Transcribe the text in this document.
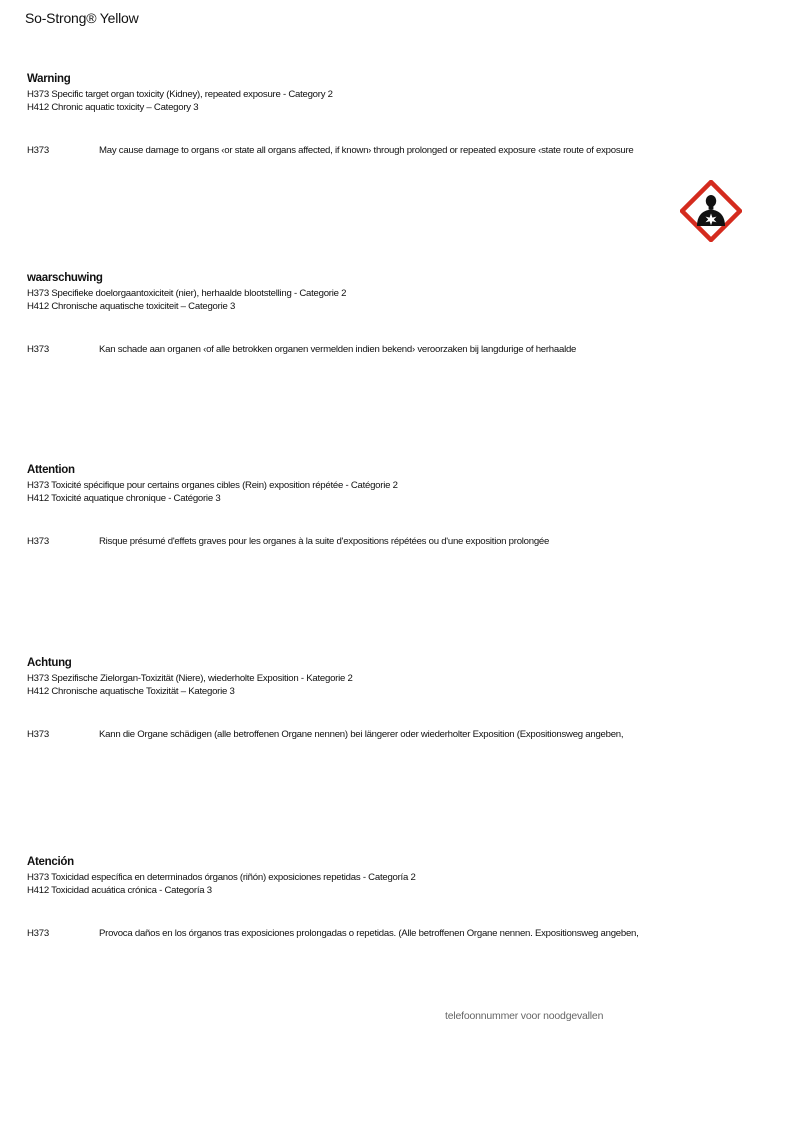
So-Strong® Yellow
Warning
H373 Specific target organ toxicity (Kidney), repeated exposure - Category 2
H412 Chronic aquatic toxicity – Category 3
H373	May cause damage to organs ‹or state all organs affected, if known› through prolonged or repeated exposure ‹state route of exposure
waarschuwing
H373 Specifieke doelorgaantoxiciteit (nier), herhaalde blootstelling - Categorie 2
H412 Chronische aquatische toxiciteit – Categorie 3
H373	Kan schade aan organen ‹of alle betrokken organen vermelden indien bekend› veroorzaken bij langdurige of herhaalde
Attention
H373 Toxicité spécifique pour certains organes cibles (Rein) exposition répétée - Catégorie 2
H412 Toxicité aquatique chronique - Catégorie 3
H373	Risque présumé d'effets graves pour les organes à la suite d'expositions répétées ou d'une exposition prolongée
Achtung
H373 Spezifische Zielorgan-Toxizität (Niere), wiederholte Exposition - Kategorie 2
H412 Chronische aquatische Toxizität – Kategorie 3
H373	Kann die Organe schädigen (alle betroffenen Organe nennen) bei längerer oder wiederholter Exposition (Expositionsweg angeben,
Atención
H373 Toxicidad específica en determinados órganos (riñón) exposiciones repetidas - Categoría 2
H412 Toxicidad acuática crónica - Categoría 3
H373	Provoca daños en los órganos tras exposiciones prolongadas o repetidas. (Alle betroffenen Organe nennen. Expositionsweg angeben,
telefoonnummer voor noodgevallen
